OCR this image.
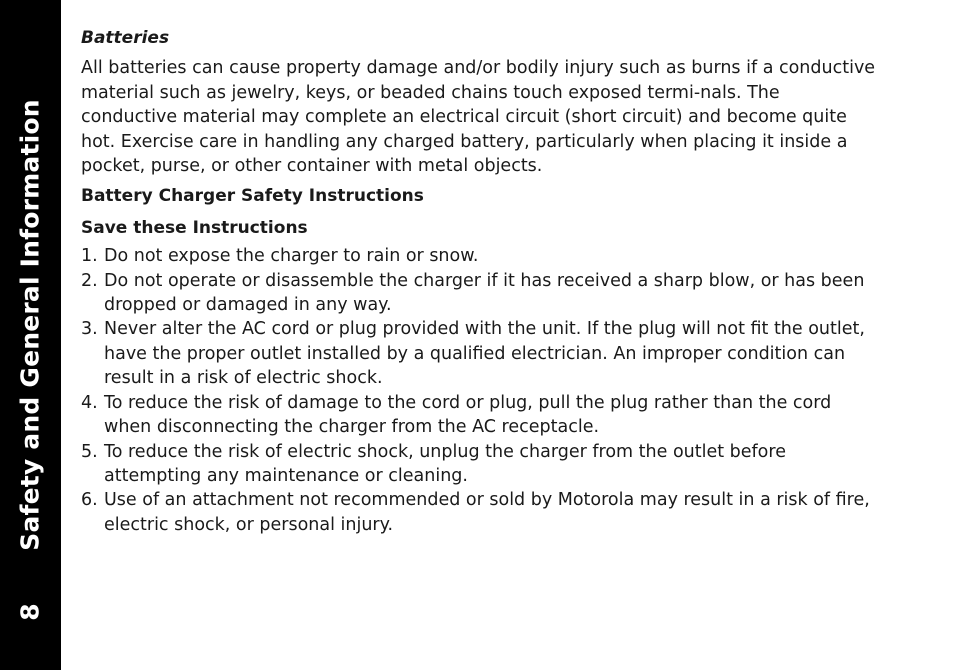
Safety and General Information
8
Batteries
All batteries can cause property damage and/or bodily injury such as burns if a conductive material such as jewelry, keys, or beaded chains touch exposed termi-nals. The conductive material may complete an electrical circuit (short circuit) and become quite hot. Exercise care in handling any charged battery, particularly when placing it inside a pocket, purse, or other container with metal objects.
Battery Charger Safety Instructions
Save these Instructions
1. Do not expose the charger to rain or snow.
2. Do not operate or disassemble the charger if it has received a sharp blow, or has been dropped or damaged in any way.
3. Never alter the AC cord or plug provided with the unit. If the plug will not fit the outlet, have the proper outlet installed by a qualified electrician. An improper condition can result in a risk of electric shock.
4. To reduce the risk of damage to the cord or plug, pull the plug rather than the cord when disconnecting the charger from the AC receptacle.
5. To reduce the risk of electric shock, unplug the charger from the outlet before attempting any maintenance or cleaning.
6. Use of an attachment not recommended or sold by Motorola may result in a risk of fire, electric shock, or personal injury.
